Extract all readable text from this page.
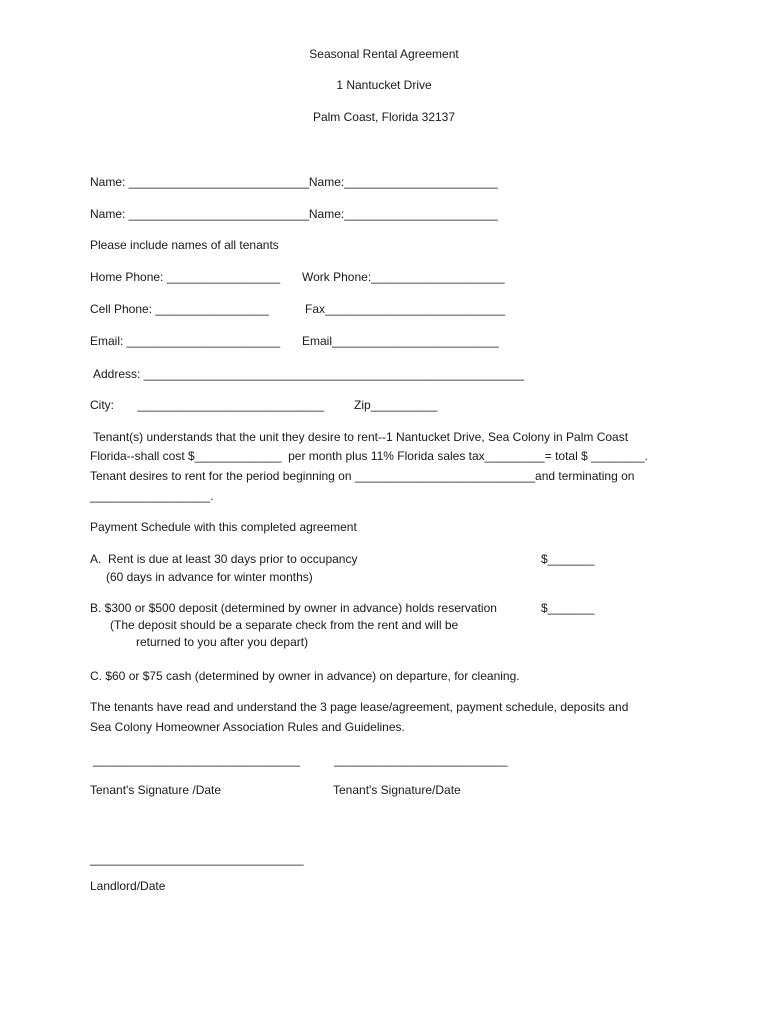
Seasonal Rental Agreement
1 Nantucket Drive
Palm Coast, Florida 32137
Name: ___________________________Name:_______________________
Name: ___________________________Name:_______________________
Please include names of all tenants
Home Phone: _________________ Work Phone:____________________
Cell Phone: _________________	Fax___________________________
Email: _______________________ Email_________________________
Address: _________________________________________________________
City:       ____________________________ Zip__________
Tenant(s) understands that the unit they desire to rent--1 Nantucket Drive, Sea Colony in Palm Coast
Florida--shall cost $_____________  per month plus 11% Florida sales tax_________= total $ ________.
Tenant desires to rent for the period beginning on ___________________________and terminating on
__________________.
Payment Schedule with this completed agreement
A.  Rent is due at least 30 days prior to occupancy	$_______
(60 days in advance for winter months)
B. $300 or $500 deposit (determined by owner in advance) holds reservation	$_______
(The deposit should be a separate check from the rent and will be
returned to you after you depart)
C. $60 or $75 cash (determined by owner in advance) on departure, for cleaning.
The tenants have read and understand the 3 page lease/agreement, payment schedule, deposits and
Sea Colony Homeowner Association Rules and Guidelines.
_______________________________	__________________________
Tenant's Signature /Date	Tenant's Signature/Date
________________________________
Landlord/Date
